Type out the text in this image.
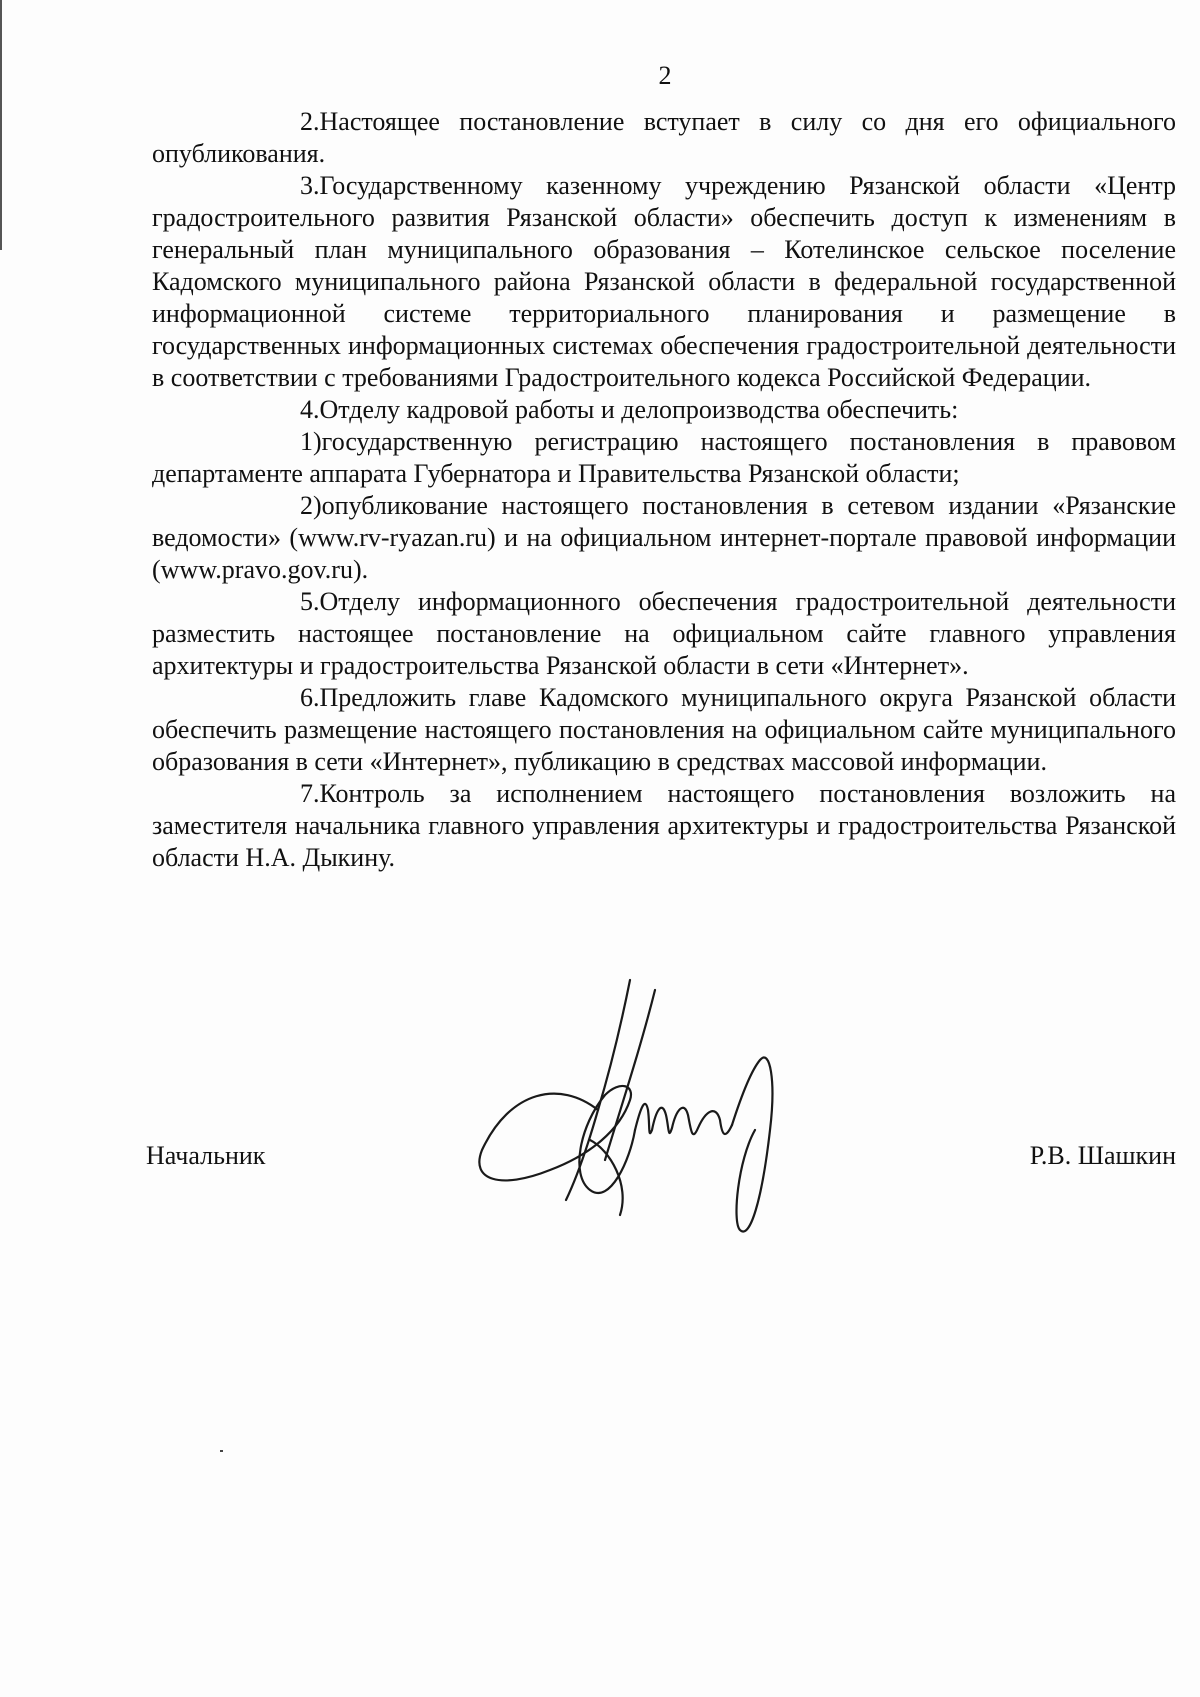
2

2.Настоящее постановление вступает в силу со дня его официального опубликования.

3.Государственному казенному учреждению Рязанской области «Центр градостроительного развития Рязанской области» обеспечить доступ к изменениям в генеральный план муниципального образования – Котелинское сельское поселение Кадомского муниципального района Рязанской области в федеральной государственной информационной системе территориального планирования и размещение в государственных информационных системах обеспечения градостроительной деятельности в соответствии с требованиями Градостроительного кодекса Российской Федерации.

4.Отделу кадровой работы и делопроизводства обеспечить:

1)государственную регистрацию настоящего постановления в правовом департаменте аппарата Губернатора и Правительства Рязанской области;

2)опубликование настоящего постановления в сетевом издании «Рязанские ведомости» (www.rv-ryazan.ru) и на официальном интернет-портале правовой информации (www.pravo.gov.ru).

5.Отделу информационного обеспечения градостроительной деятельности разместить настоящее постановление на официальном сайте главного управления архитектуры и градостроительства Рязанской области в сети «Интернет».

6.Предложить главе Кадомского муниципального округа Рязанской области обеспечить размещение настоящего постановления на официальном сайте муниципального образования в сети «Интернет», публикацию в средствах массовой информации.

7.Контроль за исполнением настоящего постановления возложить на заместителя начальника главного управления архитектуры и градостроительства Рязанской области Н.А. Дыкину.

Начальник	Р.В. Шашкин
